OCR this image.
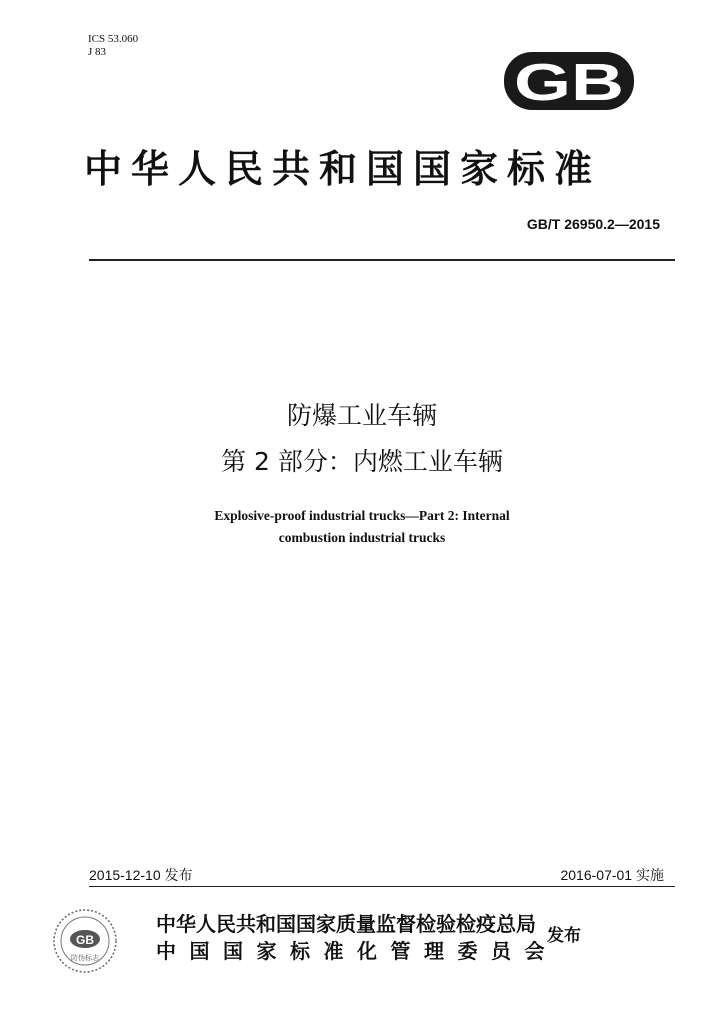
ICS 53.060
J 83
GB
中华人民共和国国家标准
GB/T 26950.2—2015
防爆工业车辆
第 2 部分：内燃工业车辆
Explosive-proof industrial trucks—Part 2: Internal
combustion industrial trucks
2015-12-10 发布	2016-07-01 实施
GB
防伪标志
中华人民共和国国家质量监督检验检疫总局
中国国家标准化管理委员会
发布
